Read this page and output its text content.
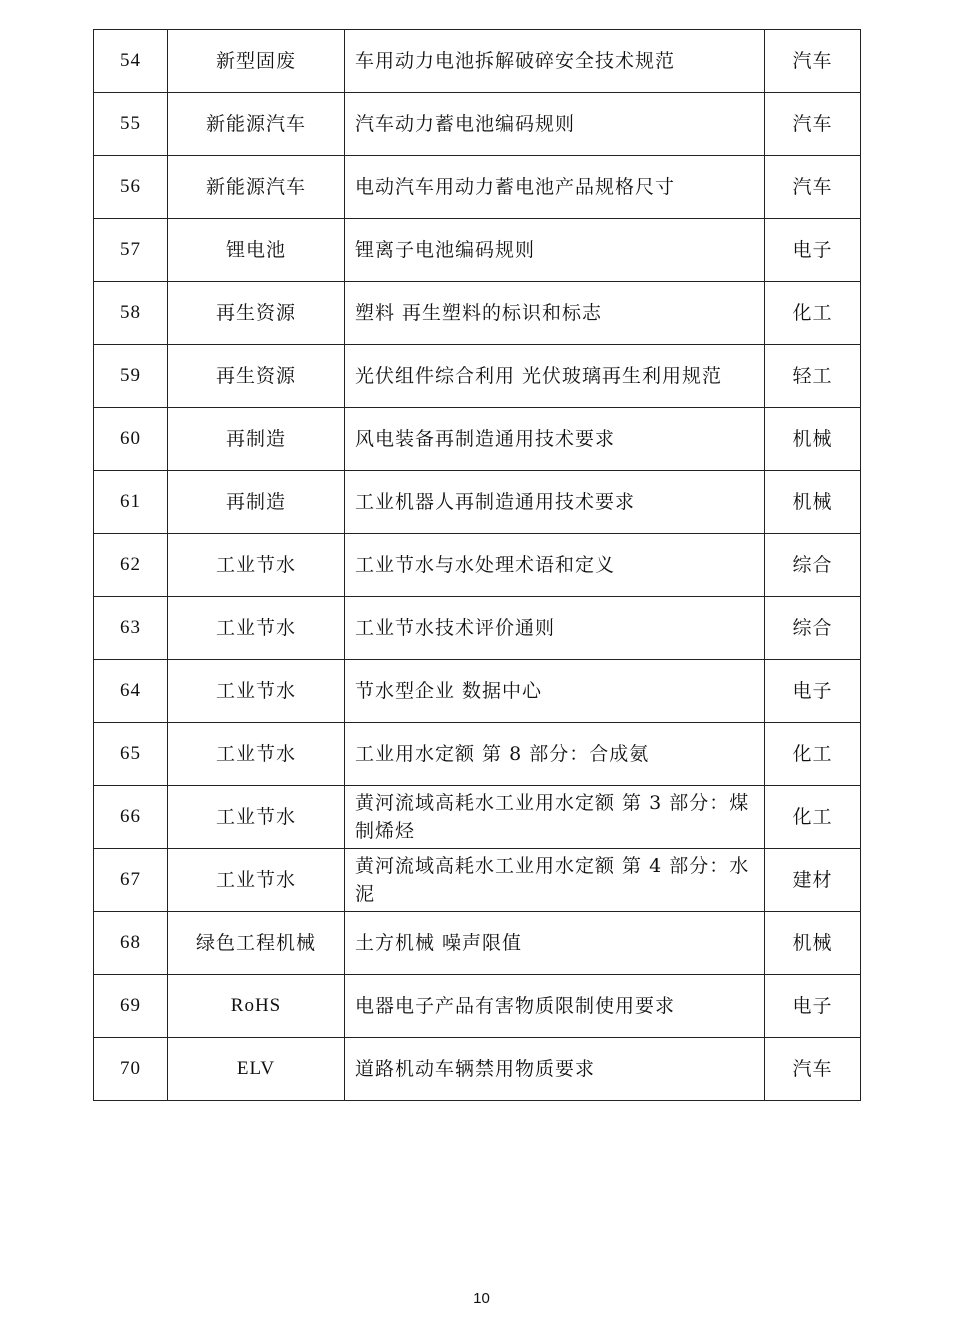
54	新型固废	车用动力电池拆解破碎安全技术规范	汽车
55	新能源汽车	汽车动力蓄电池编码规则	汽车
56	新能源汽车	电动汽车用动力蓄电池产品规格尺寸	汽车
57	锂电池	锂离子电池编码规则	电子
58	再生资源	塑料 再生塑料的标识和标志	化工
59	再生资源	光伏组件综合利用 光伏玻璃再生利用规范	轻工
60	再制造	风电装备再制造通用技术要求	机械
61	再制造	工业机器人再制造通用技术要求	机械
62	工业节水	工业节水与水处理术语和定义	综合
63	工业节水	工业节水技术评价通则	综合
64	工业节水	节水型企业 数据中心	电子
65	工业节水	工业用水定额 第 8 部分：合成氨	化工
66	工业节水	黄河流域高耗水工业用水定额 第 3 部分：煤制烯烃	化工
67	工业节水	黄河流域高耗水工业用水定额 第 4 部分：水泥	建材
68	绿色工程机械	土方机械 噪声限值	机械
69	RoHS	电器电子产品有害物质限制使用要求	电子
70	ELV	道路机动车辆禁用物质要求	汽车
10
